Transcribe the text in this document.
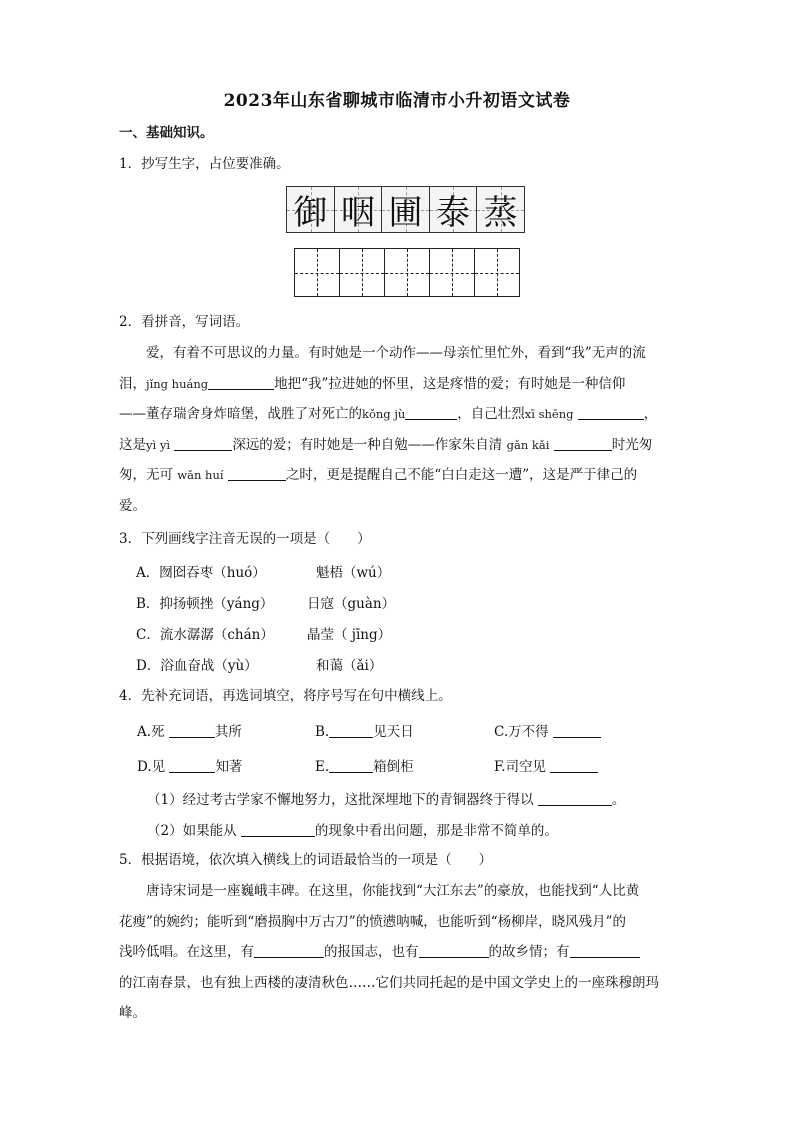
2023年山东省聊城市临清市小升初语文试卷
一、基础知识。
1．抄写生字，占位要准确。
御 咽 圃 泰 蒸
2．看拼音，写词语。

爱，有着不可思议的力量。有时她是一个动作——母亲忙里忙外，看到“我”无声的流

泪，jǐng huáng	地把“我”拉进她的怀里，这是疼惜的爱；有时她是一种信仰

——董存瑞舍身炸暗堡，战胜了对死亡的kǒng jù	，自己壮烈xī shēng	，

这是yì yì	深远的爱；有时她是一种自勉——作家朱自清 gǎn kǎi	时光匆

匆，无可 wǎn huí	之时，更是提醒自己不能“白白走这一遭”，这是严于律己的

爱。

3．下列画线字注音无误的一项是（　　）
A．囫囵吞枣（huó）	魁梧（wú）
B．抑扬顿挫（yáng） 日寇（guàn）
C．流水潺潺（chán） 晶莹（ jīng）
D．浴血奋战（yù）	和蔼（ǎi）
4．先补充词语，再选词填空，将序号写在句中横线上。
A.死	其所	B.	见天日	C.万不得
D.见	知著	E.	箱倒柜	F.司空见
（1）经过考古学家不懈地努力，这批深埋地下的青铜器终于得以	。
（2）如果能从	的现象中看出问题，那是非常不简单的。
5．根据语境，依次填入横线上的词语最恰当的一项是（　　）

唐诗宋词是一座巍峨丰碑。在这里，你能找到“大江东去”的豪放，也能找到“人比黄

花瘦”的婉约；能听到“磨损胸中万古刀”的愤懑呐喊，也能听到“杨柳岸，晓风残月”的

浅吟低唱。在这里，有	的报国志，也有	的故乡情；有

的江南春景，也有独上西楼的凄清秋色……它们共同托起的是中国文学史上的一座珠穆朗玛

峰。
